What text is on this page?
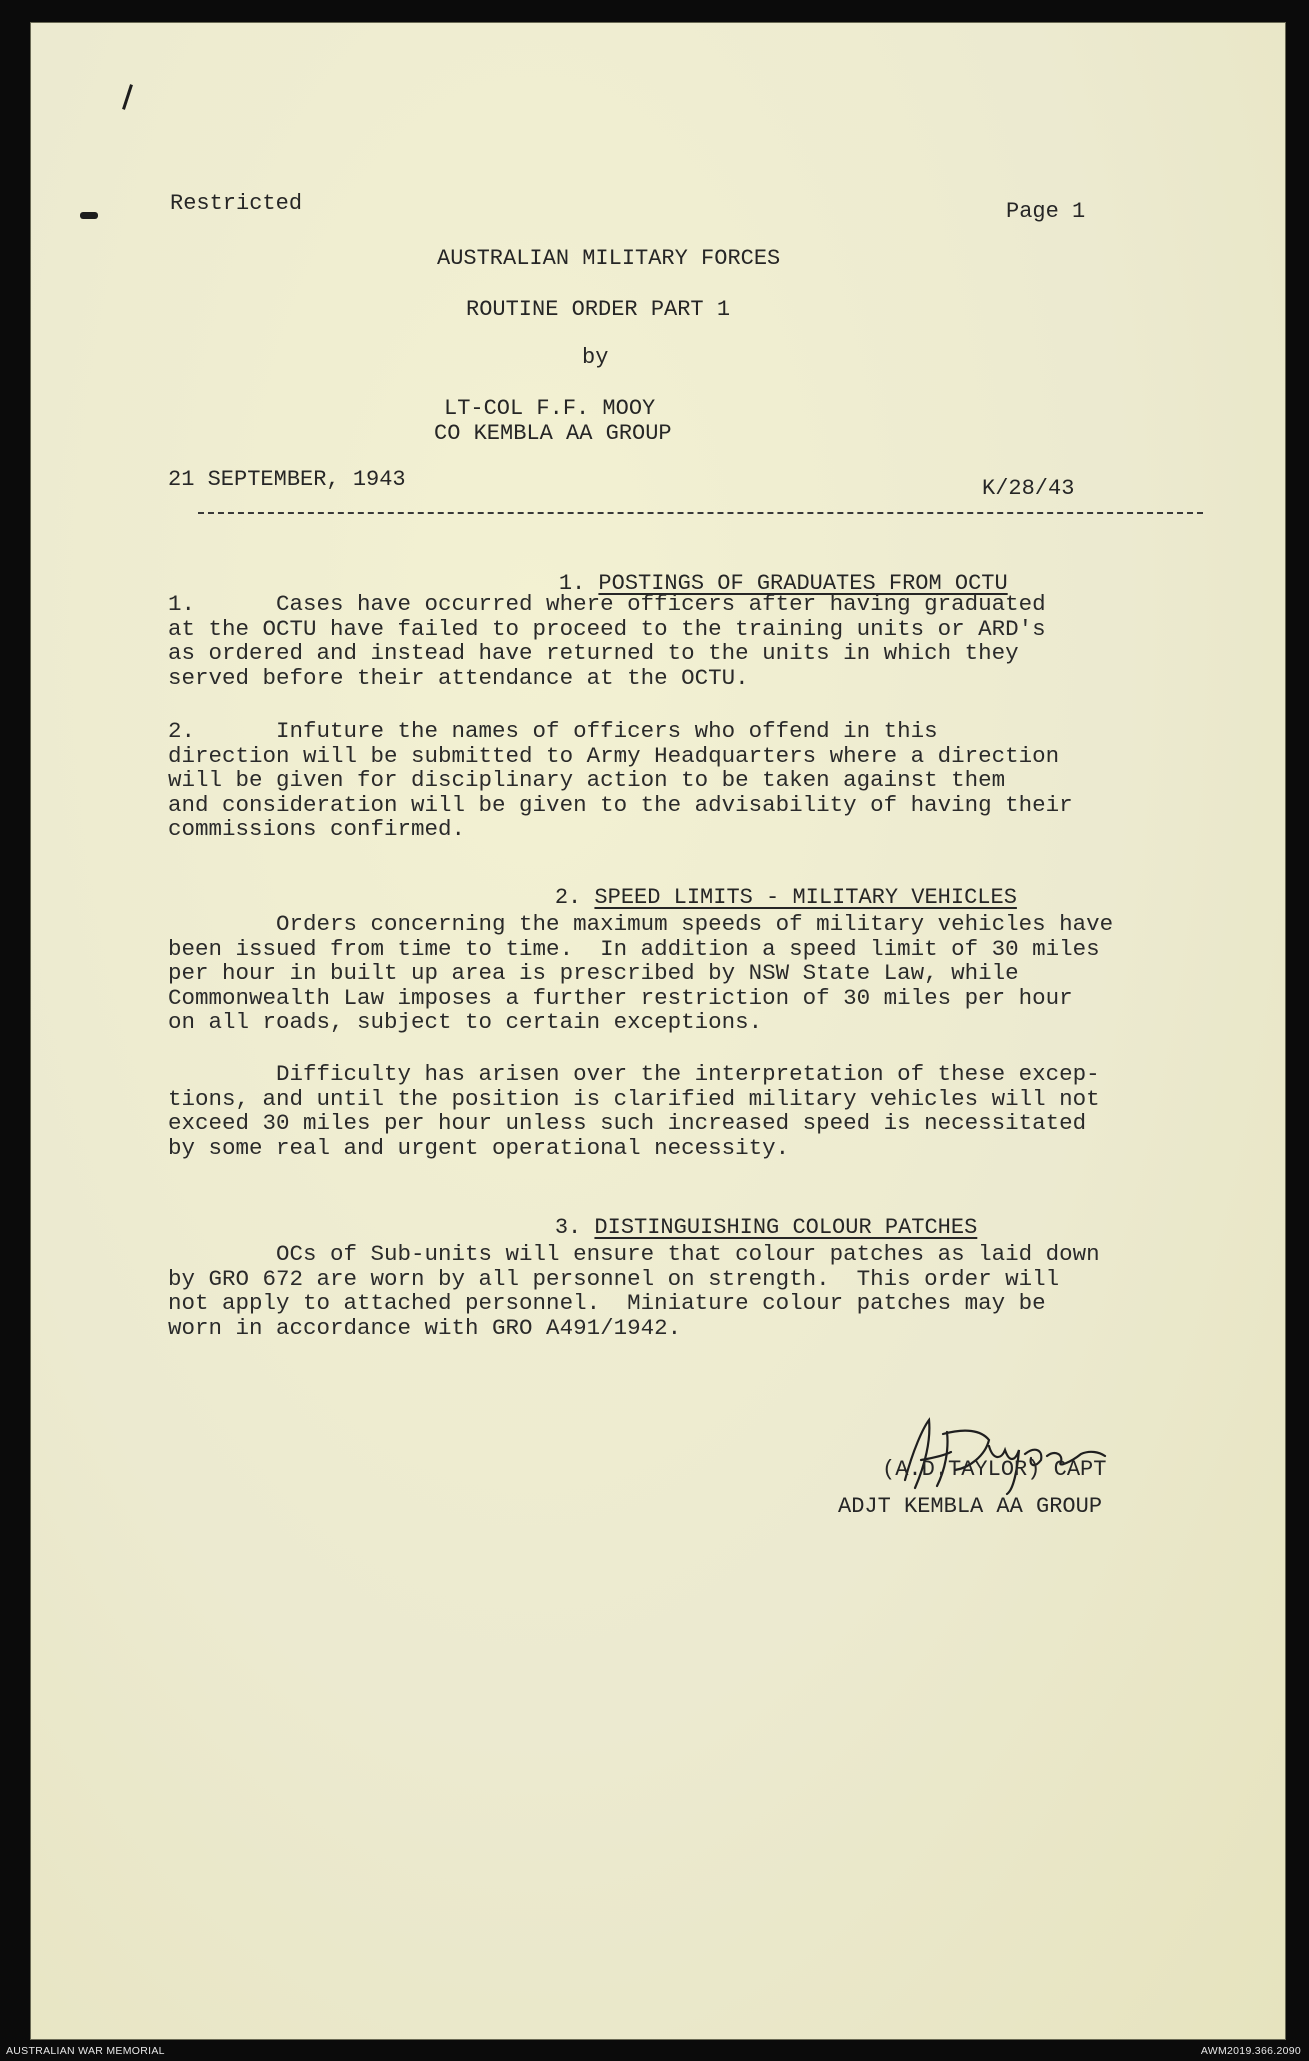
Restricted	Page 1
AUSTRALIAN MILITARY FORCES
ROUTINE ORDER PART 1
by
LT-COL F.F. MOOY
CO KEMBLA AA GROUP
21 SEPTEMBER, 1943	K/28/43

1. POSTINGS OF GRADUATES FROM OCTU

1.      Cases have occurred where officers after having graduated
at the OCTU have failed to proceed to the training units or ARD's
as ordered and instead have returned to the units in which they
served before their attendance at the OCTU.
2.      Infuture the names of officers who offend in this
direction will be submitted to Army Headquarters where a direction
will be given for disciplinary action to be taken against them
and consideration will be given to the advisability of having their
commissions confirmed.

2. SPEED LIMITS - MILITARY VEHICLES

Orders concerning the maximum speeds of military vehicles have
been issued from time to time.  In addition a speed limit of 30 miles
per hour in built up area is prescribed by NSW State Law, while
Commonwealth Law imposes a further restriction of 30 miles per hour
on all roads, subject to certain exceptions.
Difficulty has arisen over the interpretation of these excep-
tions, and until the position is clarified military vehicles will not
exceed 30 miles per hour unless such increased speed is necessitated
by some real and urgent operational necessity.

3. DISTINGUISHING COLOUR PATCHES

OCs of Sub-units will ensure that colour patches as laid down
by GRO 672 are worn by all personnel on strength.  This order will
not apply to attached personnel.  Miniature colour patches may be
worn in accordance with GRO A491/1942.
(A.D.TAYLOR) CAPT
ADJT KEMBLA AA GROUP
AUSTRALIAN WAR MEMORIAL	AWM2019.366.2090
